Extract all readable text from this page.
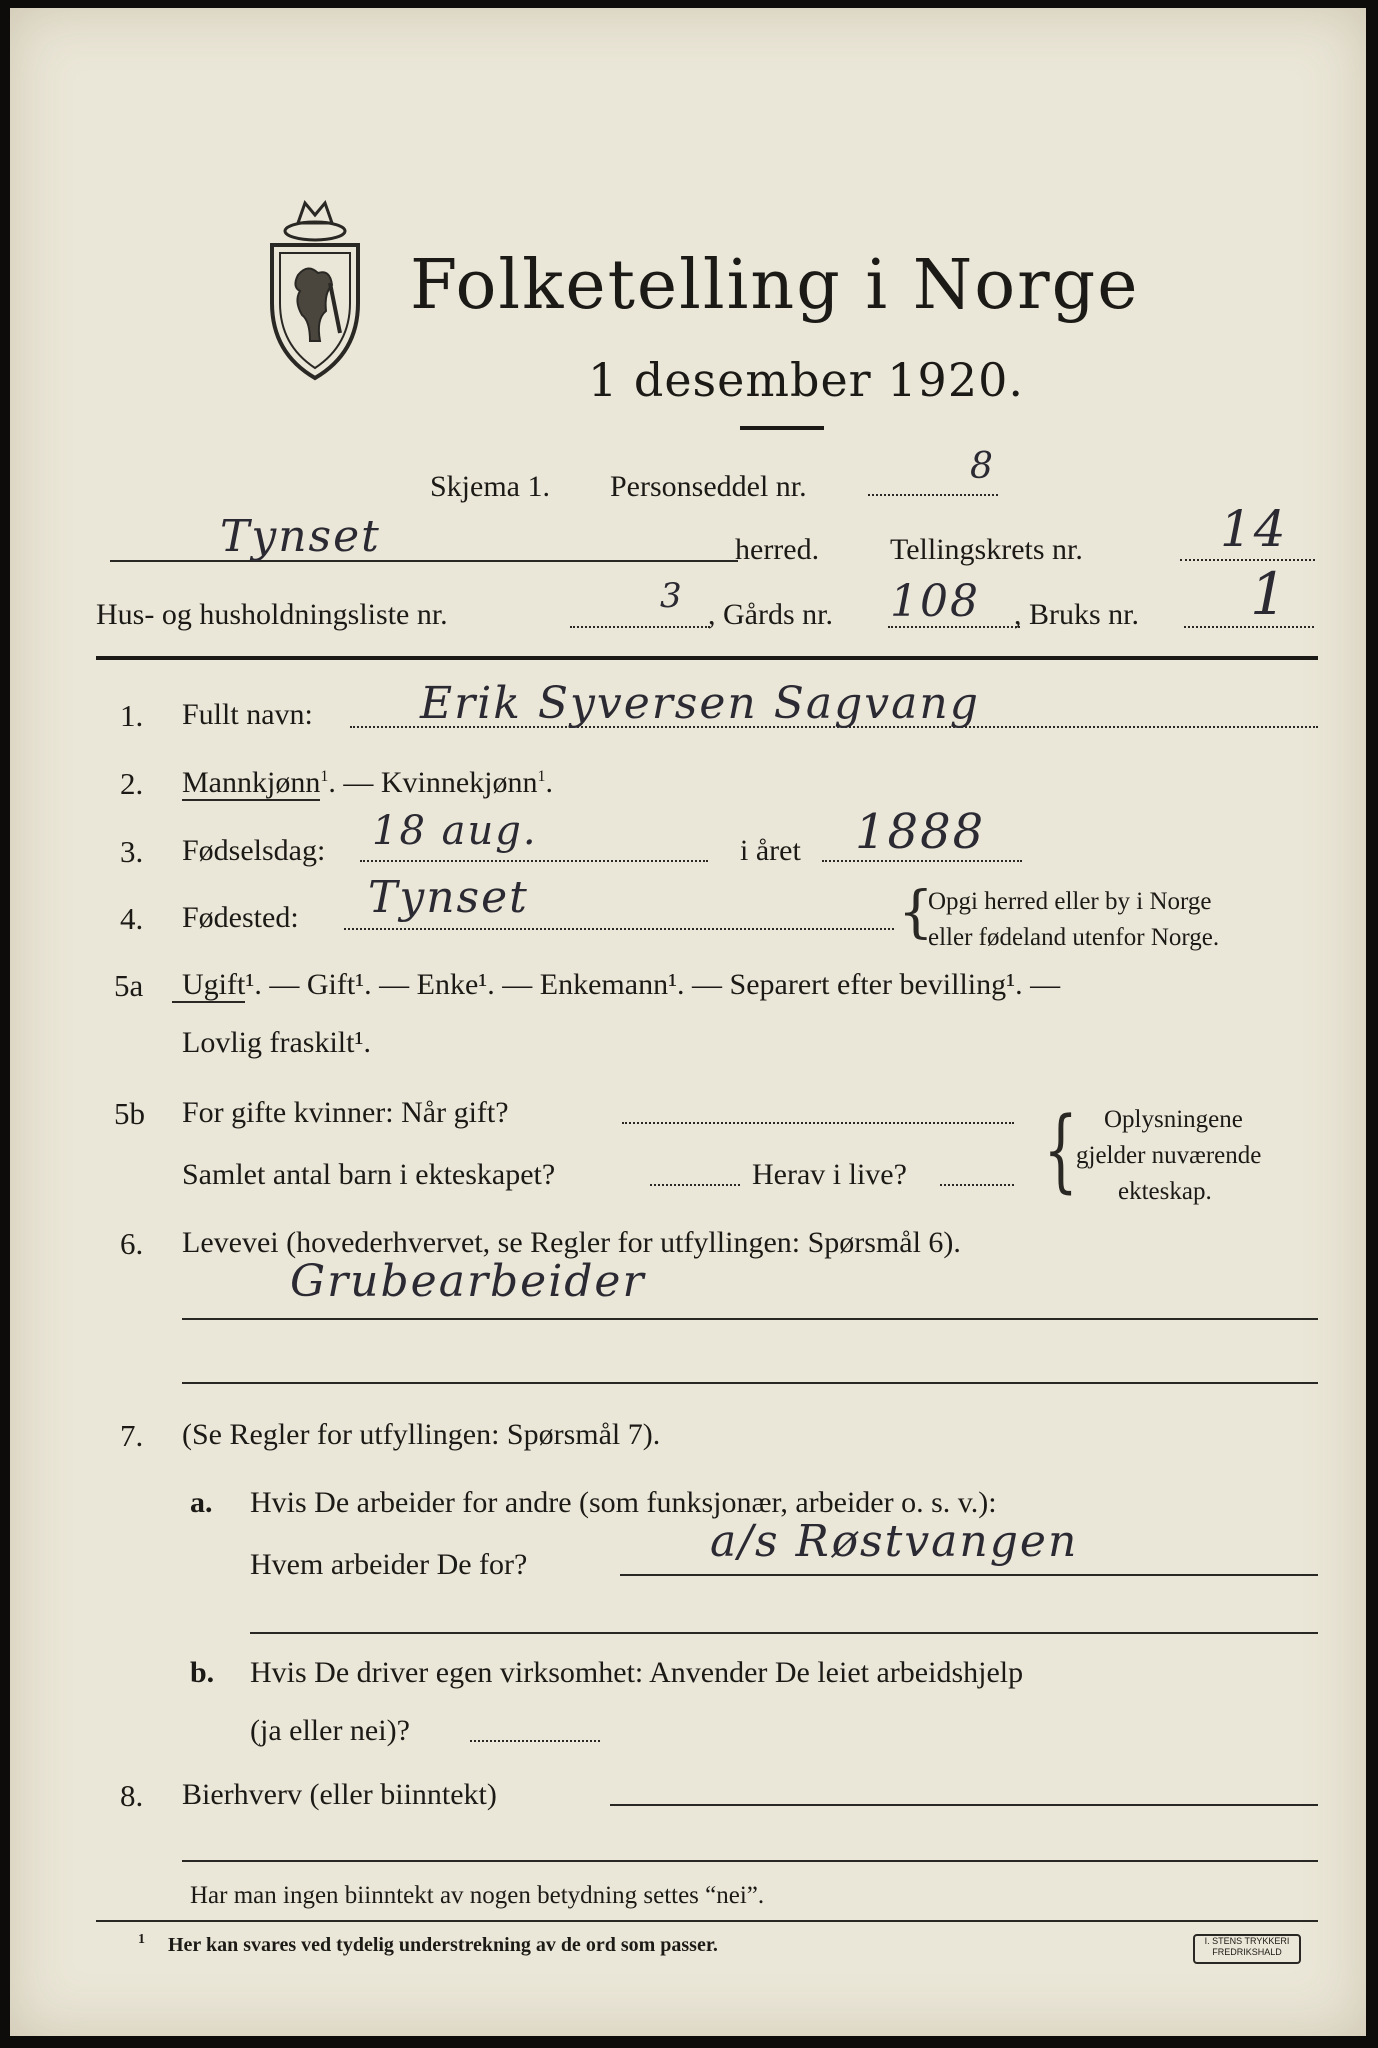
Folketelling i Norge
1 desember 1920.
Skjema 1. Personseddel nr.	8
Tynset	herred. Tellingskrets nr.	14
Hus- og husholdningsliste nr.	3 , Gårds nr. 108 , Bruks nr. 1
1. Fullt navn: Erik Syversen Sagvang
2. Mannkjønn$^1$. — Kvinnekjønn$^1$.
3. Fødselsdag: 18 aug.	i året 1888
4. Fødested: Tynset	{
Opgi herred eller by i Norge
eller fødeland utenfor Norge.
5a Ugift¹. — Gift¹. — Enke¹. — Enkemann¹. — Separert efter bevilling¹. —
Lovlig fraskilt¹.
5b For gifte kvinner: Når gift?
Samlet antal barn i ekteskapet?	Herav i live? { Oplysningene
gjelder nuværende
ekteskap.
6. Levevei (hovederhvervet, se Regler for utfyllingen: Spørsmål 6).
Grubearbeider
7. (Se Regler for utfyllingen: Spørsmål 7).
a. Hvis De arbeider for andre (som funksjonær, arbeider o. s. v.):
Hvem arbeider De for?	a/s Røstvangen
b. Hvis De driver egen virksomhet: Anvender De leiet arbeidshjelp
(ja eller nei)?
8. Bierhverv (eller biinntekt)
Har man ingen biinntekt av nogen betydning settes “nei”.
1 Her kan svares ved tydelig understrekning av de ord som passer.	I. STENS TRYKKERI
FREDRIKSHALD
